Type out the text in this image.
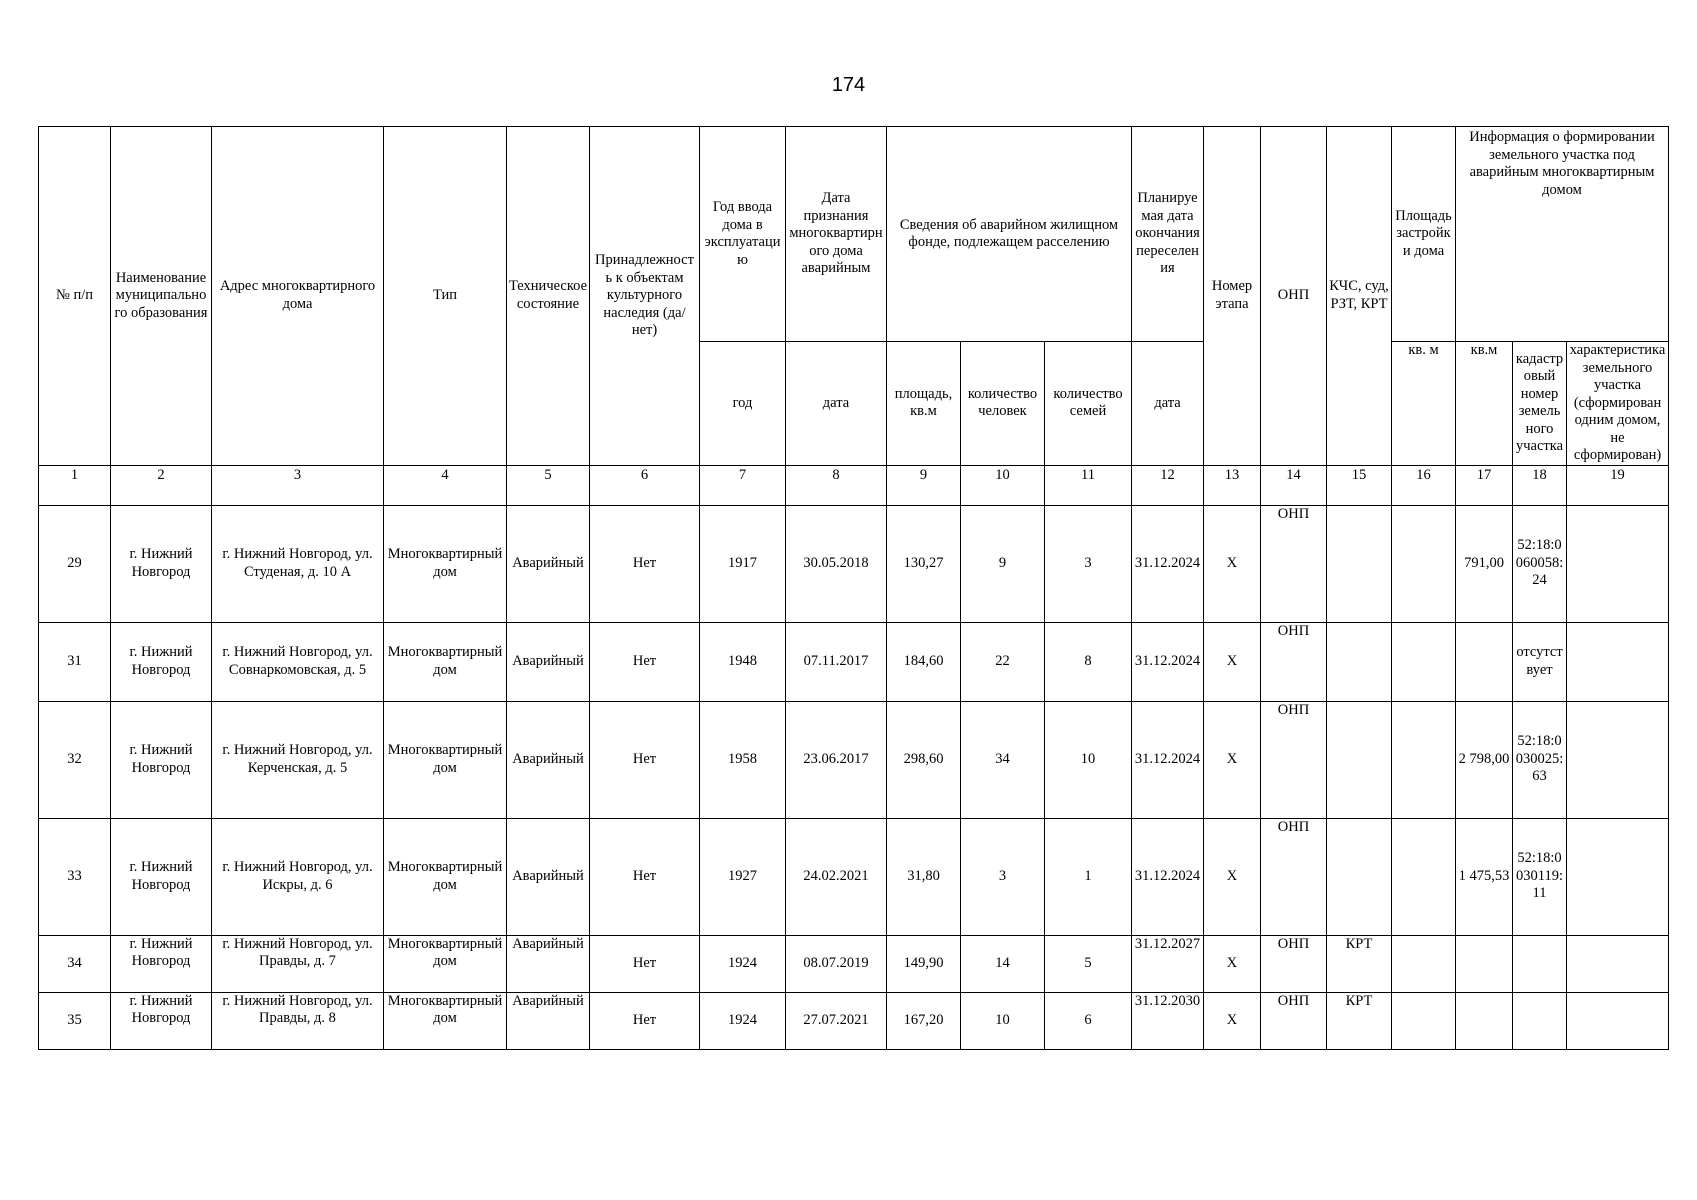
174
№ п/п	Наименование муниципального образования	Адрес многоквартирного дома	Тип	Техническое состояние	Принадлежность к объектам культурного наследия (да/нет)	Год ввода дома в эксплуатацию	Дата признания многоквартирного дома аварийным	Сведения об аварийном жилищном фонде, подлежащем расселению			Планируемая дата окончания переселения	Номер этапа	ОНП	КЧС, суд, РЗТ, КРТ	Площадь застройки дома	Информация о формировании земельного участка под аварийным многоквартирным домом		
						год	дата	площадь, кв.м	количество человек	количество семей	дата				кв. м	кв.м	кадастровый номер земельного участка	характеристика земельного участка (сформирован одним домом, не сформирован)
1	2	3	4	5	6	7	8	9	10	11	12	13	14	15	16	17	18	19
29	г. Нижний Новгород	г. Нижний Новгород, ул. Студеная, д. 10 А	Многоквартирный дом	Аварийный	Нет	1917	30.05.2018	130,27	9	3	31.12.2024	Х	ОНП			791,00	52:18:0060058:24	
31	г. Нижний Новгород	г. Нижний Новгород, ул. Совнаркомовская, д. 5	Многоквартирный дом	Аварийный	Нет	1948	07.11.2017	184,60	22	8	31.12.2024	Х	ОНП				отсутствует	
32	г. Нижний Новгород	г. Нижний Новгород, ул. Керченская, д. 5	Многоквартирный дом	Аварийный	Нет	1958	23.06.2017	298,60	34	10	31.12.2024	Х	ОНП			2 798,00	52:18:0030025:63	
33	г. Нижний Новгород	г. Нижний Новгород, ул. Искры, д. 6	Многоквартирный дом	Аварийный	Нет	1927	24.02.2021	31,80	3	1	31.12.2024	Х	ОНП			1 475,53	52:18:0030119:11	
34	г. Нижний Новгород	г. Нижний Новгород, ул. Правды, д. 7	Многоквартирный дом	Аварийный	Нет	1924	08.07.2019	149,90	14	5	31.12.2027	Х	ОНП	КРТ				
35	г. Нижний Новгород	г. Нижний Новгород, ул. Правды, д. 8	Многоквартирный дом	Аварийный	Нет	1924	27.07.2021	167,20	10	6	31.12.2030	Х	ОНП	КРТ				
